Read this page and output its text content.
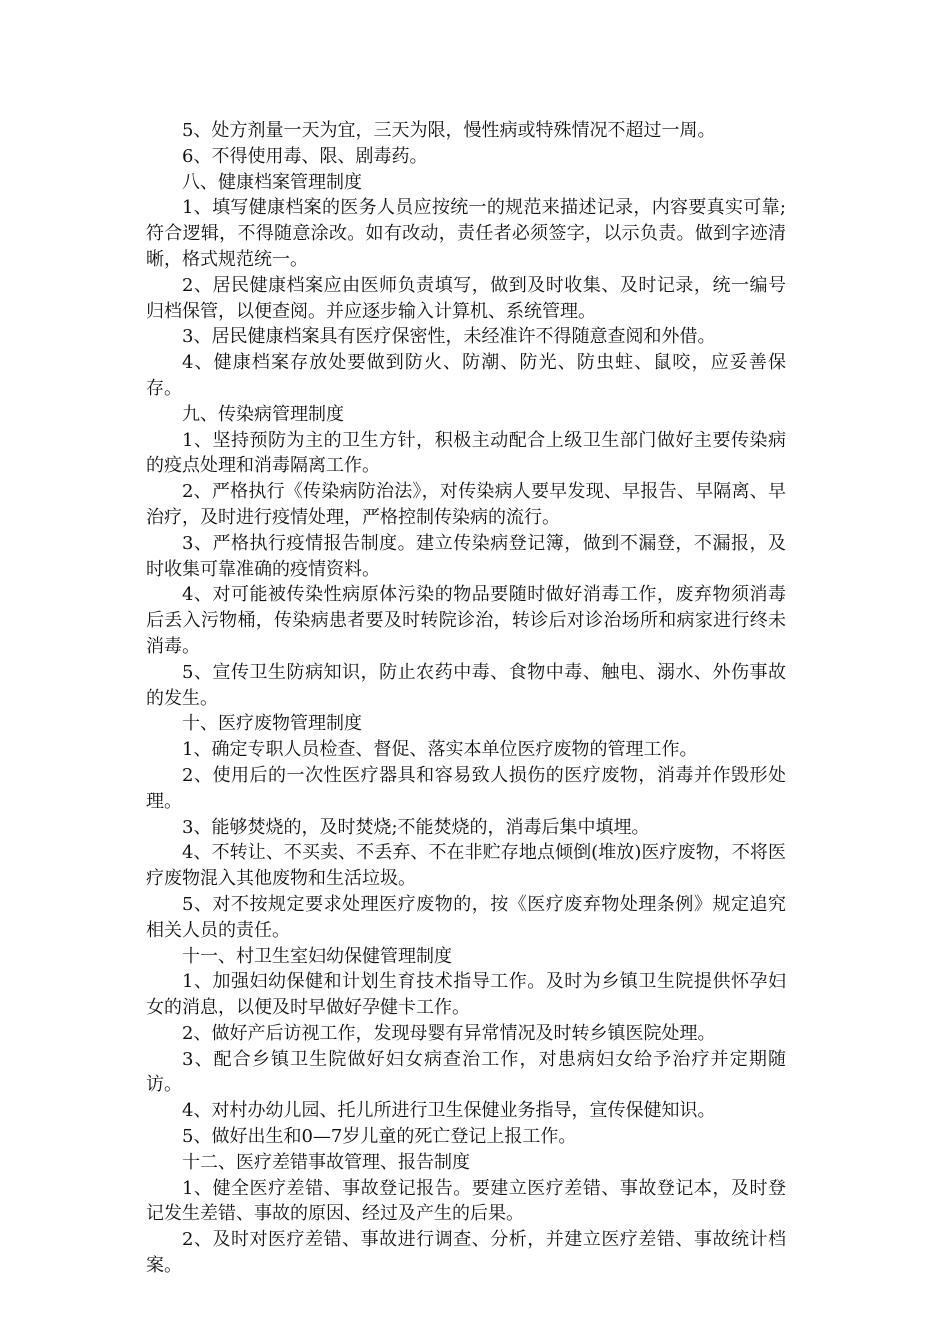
5、处方剂量一天为宜，三天为限，慢性病或特殊情况不超过一周。

6、不得使用毒、限、剧毒药。

八、健康档案管理制度

1、填写健康档案的医务人员应按统一的规范来描述记录，内容要真实可靠;符合逻辑，不得随意涂改。如有改动，责任者必须签字，以示负责。做到字迹清晰，格式规范统一。

2、居民健康档案应由医师负责填写，做到及时收集、及时记录，统一编号归档保管，以便查阅。并应逐步输入计算机、系统管理。

3、居民健康档案具有医疗保密性，未经准许不得随意查阅和外借。

4、健康档案存放处要做到防火、防潮、防光、防虫蛀、鼠咬，应妥善保存。

九、传染病管理制度

1、坚持预防为主的卫生方针，积极主动配合上级卫生部门做好主要传染病的疫点处理和消毒隔离工作。

2、严格执行《传染病防治法》，对传染病人要早发现、早报告、早隔离、早治疗，及时进行疫情处理，严格控制传染病的流行。

3、严格执行疫情报告制度。建立传染病登记簿，做到不漏登，不漏报，及时收集可靠准确的疫情资料。

4、对可能被传染性病原体污染的物品要随时做好消毒工作，废弃物须消毒后丢入污物桶，传染病患者要及时转院诊治，转诊后对诊治场所和病家进行终未消毒。

5、宣传卫生防病知识，防止农药中毒、食物中毒、触电、溺水、外伤事故的发生。

十、医疗废物管理制度

1、确定专职人员检查、督促、落实本单位医疗废物的管理工作。

2、使用后的一次性医疗器具和容易致人损伤的医疗废物，消毒并作毁形处理。

3、能够焚烧的，及时焚烧;不能焚烧的，消毒后集中填埋。

4、不转让、不买卖、不丢弃、不在非贮存地点倾倒(堆放)医疗废物，不将医疗废物混入其他废物和生活垃圾。

5、对不按规定要求处理医疗废物的，按《医疗废弃物处理条例》规定追究相关人员的责任。

十一、村卫生室妇幼保健管理制度

1、加强妇幼保健和计划生育技术指导工作。及时为乡镇卫生院提供怀孕妇女的消息，以便及时早做好孕健卡工作。

2、做好产后访视工作，发现母婴有异常情况及时转乡镇医院处理。

3、配合乡镇卫生院做好妇女病查治工作，对患病妇女给予治疗并定期随访。

4、对村办幼儿园、托儿所进行卫生保健业务指导，宣传保健知识。

5、做好出生和0—7岁儿童的死亡登记上报工作。

十二、医疗差错事故管理、报告制度

1、健全医疗差错、事故登记报告。要建立医疗差错、事故登记本，及时登记发生差错、事故的原因、经过及产生的后果。

2、及时对医疗差错、事故进行调查、分析，并建立医疗差错、事故统计档案。
